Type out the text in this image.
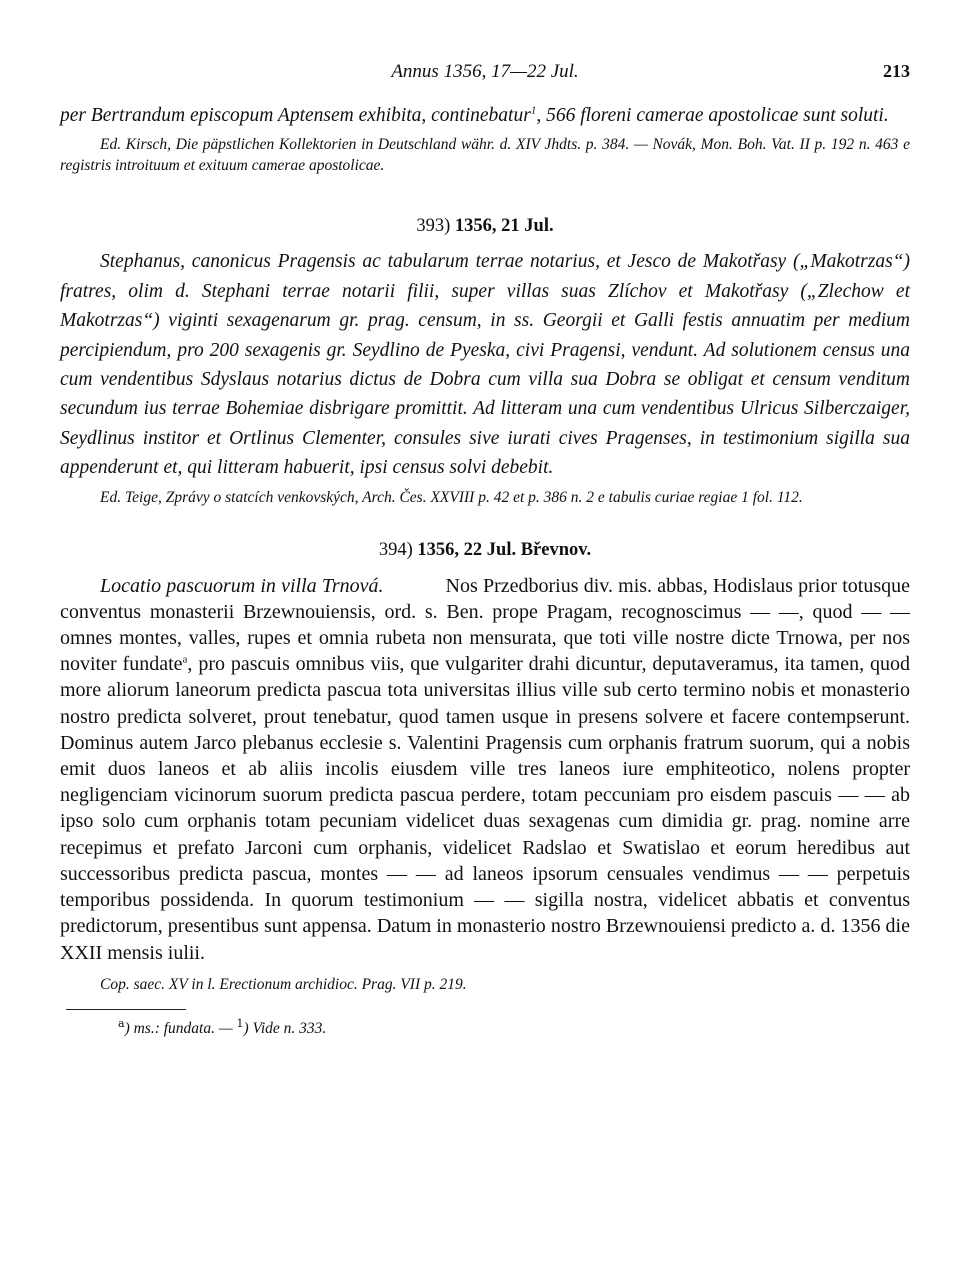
Annus 1356, 17—22 Jul.	213

per Bertrandum episcopum Aptensem exhibita, continebatur$^1$, 566 floreni camerae apostolicae sunt soluti.

Ed. Kirsch, Die päpstlichen Kollektorien in Deutschland währ. d. XIV Jhdts. p. 384. — Novák, Mon. Boh. Vat. II p. 192 n. 463 e registris introituum et exituum camerae apostolicae.

393) 1356, 21 Jul.

Stephanus, canonicus Pragensis ac tabularum terrae notarius, et Jesco de Makotřasy („Makotrzas“) fratres, olim d. Stephani terrae notarii filii, super villas suas Zlíchov et Makotřasy („Zlechow et Makotrzas“) viginti sexagenarum gr. prag. censum, in ss. Georgii et Galli festis annuatim per medium percipiendum, pro 200 sexagenis gr. Seydlino de Pyeska, civi Pragensi, vendunt. Ad solutionem census una cum vendentibus Sdyslaus notarius dictus de Dobra cum villa sua Dobra se obligat et censum venditum secundum ius terrae Bohemiae disbrigare promittit. Ad litteram una cum vendentibus Ulricus Silberczaiger, Seydlinus institor et Ortlinus Clementer, consules sive iurati cives Pragenses, in testimonium sigilla sua appenderunt et, qui litteram habuerit, ipsi census solvi debebit.

Ed. Teige, Zprávy o statcích venkovských, Arch. Čes. XXVIII p. 42 et p. 386 n. 2 e tabulis curiae regiae 1 fol. 112.

394) 1356, 22 Jul. Břevnov.

Locatio pascuorum in villa Trnová.	Nos Przedborius div. mis. abbas, Hodislaus prior totusque conventus monasterii Brzewnouiensis, ord. s. Ben. prope Pragam, recognoscimus — —, quod — — omnes montes, valles, rupes et omnia rubeta non mensurata, que toti ville nostre dicte Trnowa, per nos noviter fundate$^a$, pro pascuis omnibus viis, que vulgariter drahi dicuntur, deputaveramus, ita tamen, quod more aliorum laneorum predicta pascua tota universitas illius ville sub certo termino nobis et monasterio nostro predicta solveret, prout tenebatur, quod tamen usque in presens solvere et facere contempserunt. Dominus autem Jarco plebanus ecclesie s. Valentini Pragensis cum orphanis fratrum suorum, qui a nobis emit duos laneos et ab aliis incolis eiusdem ville tres laneos iure emphiteotico, nolens propter negligenciam vicinorum suorum predicta pascua perdere, totam peccuniam pro eisdem pascuis — — ab ipso solo cum orphanis totam pecuniam videlicet duas sexagenas cum dimidia gr. prag. nomine arre recepimus et prefato Jarconi cum orphanis, videlicet Radslao et Swatislao et eorum heredibus aut successoribus predicta pascua, montes — — ad laneos ipsorum censuales vendimus — — perpetuis temporibus possidenda. In quorum testimonium — — sigilla nostra, videlicet abbatis et conventus predictorum, presentibus sunt appensa. Datum in monasterio nostro Brzewnouiensi predicto a. d. 1356 die XXII mensis iulii.

Cop. saec. XV in l. Erectionum archidioc. Prag. VII p. 219.

$^a$) ms.: fundata. — $^1$) Vide n. 333.
